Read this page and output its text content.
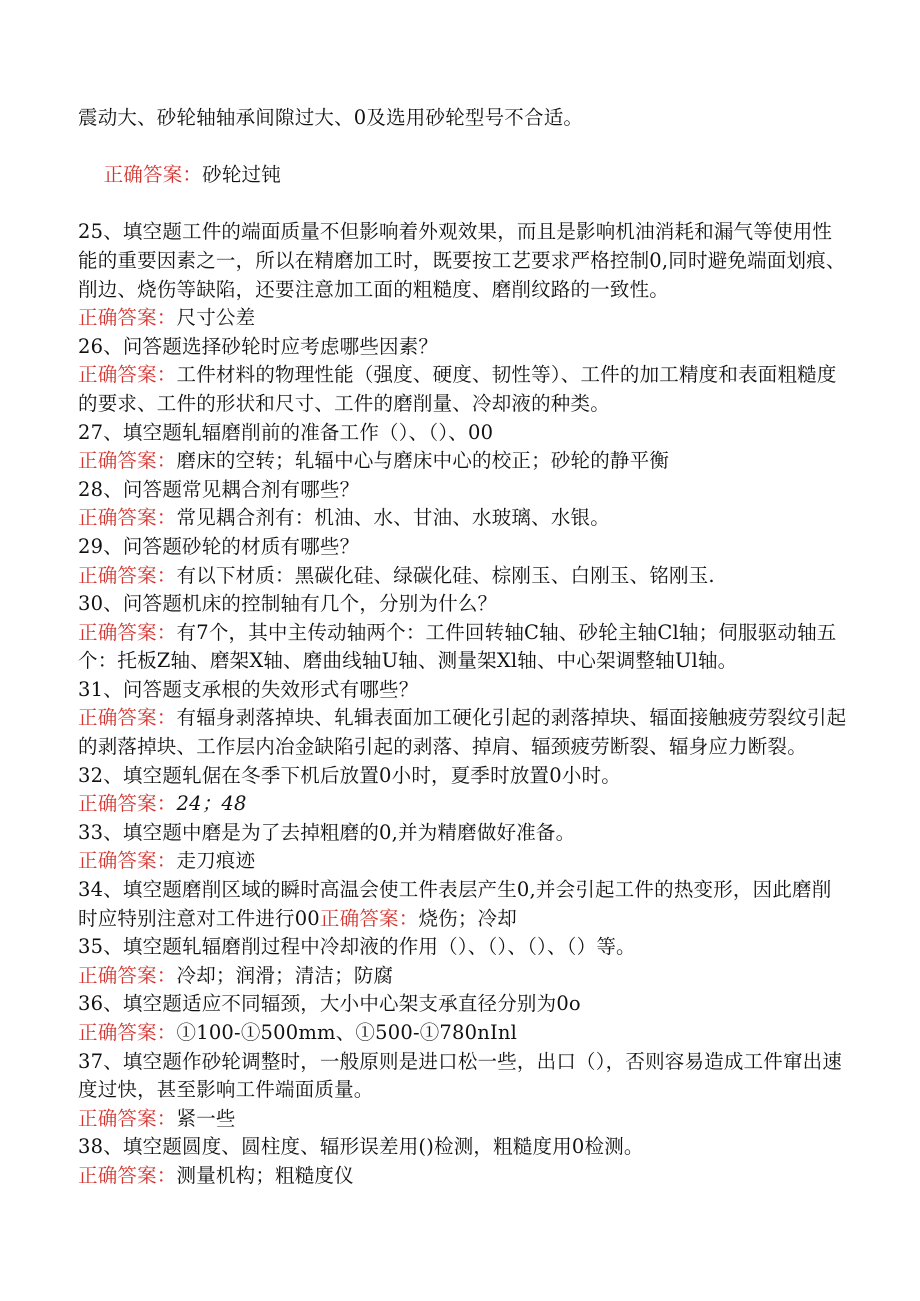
震动大、砂轮轴轴承间隙过大、0及选用砂轮型号不合适。

正确答案：砂轮过钝

25、填空题工件的端面质量不但影响着外观效果，而且是影响机油消耗和漏气等使用性能的重要因素之一，所以在精磨加工时，既要按工艺要求严格控制0,同时避免端面划痕、削边、烧伤等缺陷，还要注意加工面的粗糙度、磨削纹路的一致性。
正确答案：尺寸公差
26、问答题选择砂轮时应考虑哪些因素？
正确答案：工件材料的物理性能（强度、硬度、韧性等）、工件的加工精度和表面粗糙度的要求、工件的形状和尺寸、工件的磨削量、冷却液的种类。
27、填空题轧辐磨削前的准备工作（）、（）、00
正确答案：磨床的空转；轧辐中心与磨床中心的校正；砂轮的静平衡
28、问答题常见耦合剂有哪些？
正确答案：常见耦合剂有：机油、水、甘油、水玻璃、水银。
29、问答题砂轮的材质有哪些？
正确答案：有以下材质：黑碳化硅、绿碳化硅、棕刚玉、白刚玉、铭刚玉.
30、问答题机床的控制轴有几个，分别为什么？
正确答案：有7个，其中主传动轴两个：工件回转轴C轴、砂轮主轴Cl轴；伺服驱动轴五个：托板Z轴、磨架X轴、磨曲线轴U轴、测量架Xl轴、中心架调整轴Ul轴。
31、问答题支承根的失效形式有哪些？
正确答案：有辐身剥落掉块、轧辑表面加工硬化引起的剥落掉块、辐面接触疲劳裂纹引起的剥落掉块、工作层内冶金缺陷引起的剥落、掉肩、辐颈疲劳断裂、辐身应力断裂。
32、填空题轧倨在冬季下机后放置0小时，夏季时放置0小时。
正确答案：24；48
33、填空题中磨是为了去掉粗磨的0,并为精磨做好准备。
正确答案：走刀痕迹
34、填空题磨削区域的瞬时高温会使工件表层产生0,并会引起工件的热变形，因此磨削时应特别注意对工件进行00正确答案：烧伤；冷却
35、填空题轧辐磨削过程中冷却液的作用（）、（）、（）、（）等。
正确答案：冷却；润滑；清洁；防腐
36、填空题适应不同辐颈，大小中心架支承直径分别为0o
正确答案：①100-①500mm、①500-①780nInl
37、填空题作砂轮调整时，一般原则是进口松一些，出口（），否则容易造成工件窜出速度过快，甚至影响工件端面质量。
正确答案：紧一些
38、填空题圆度、圆柱度、辐形误差用()检测，粗糙度用0检测。
正确答案：测量机构；粗糙度仪
